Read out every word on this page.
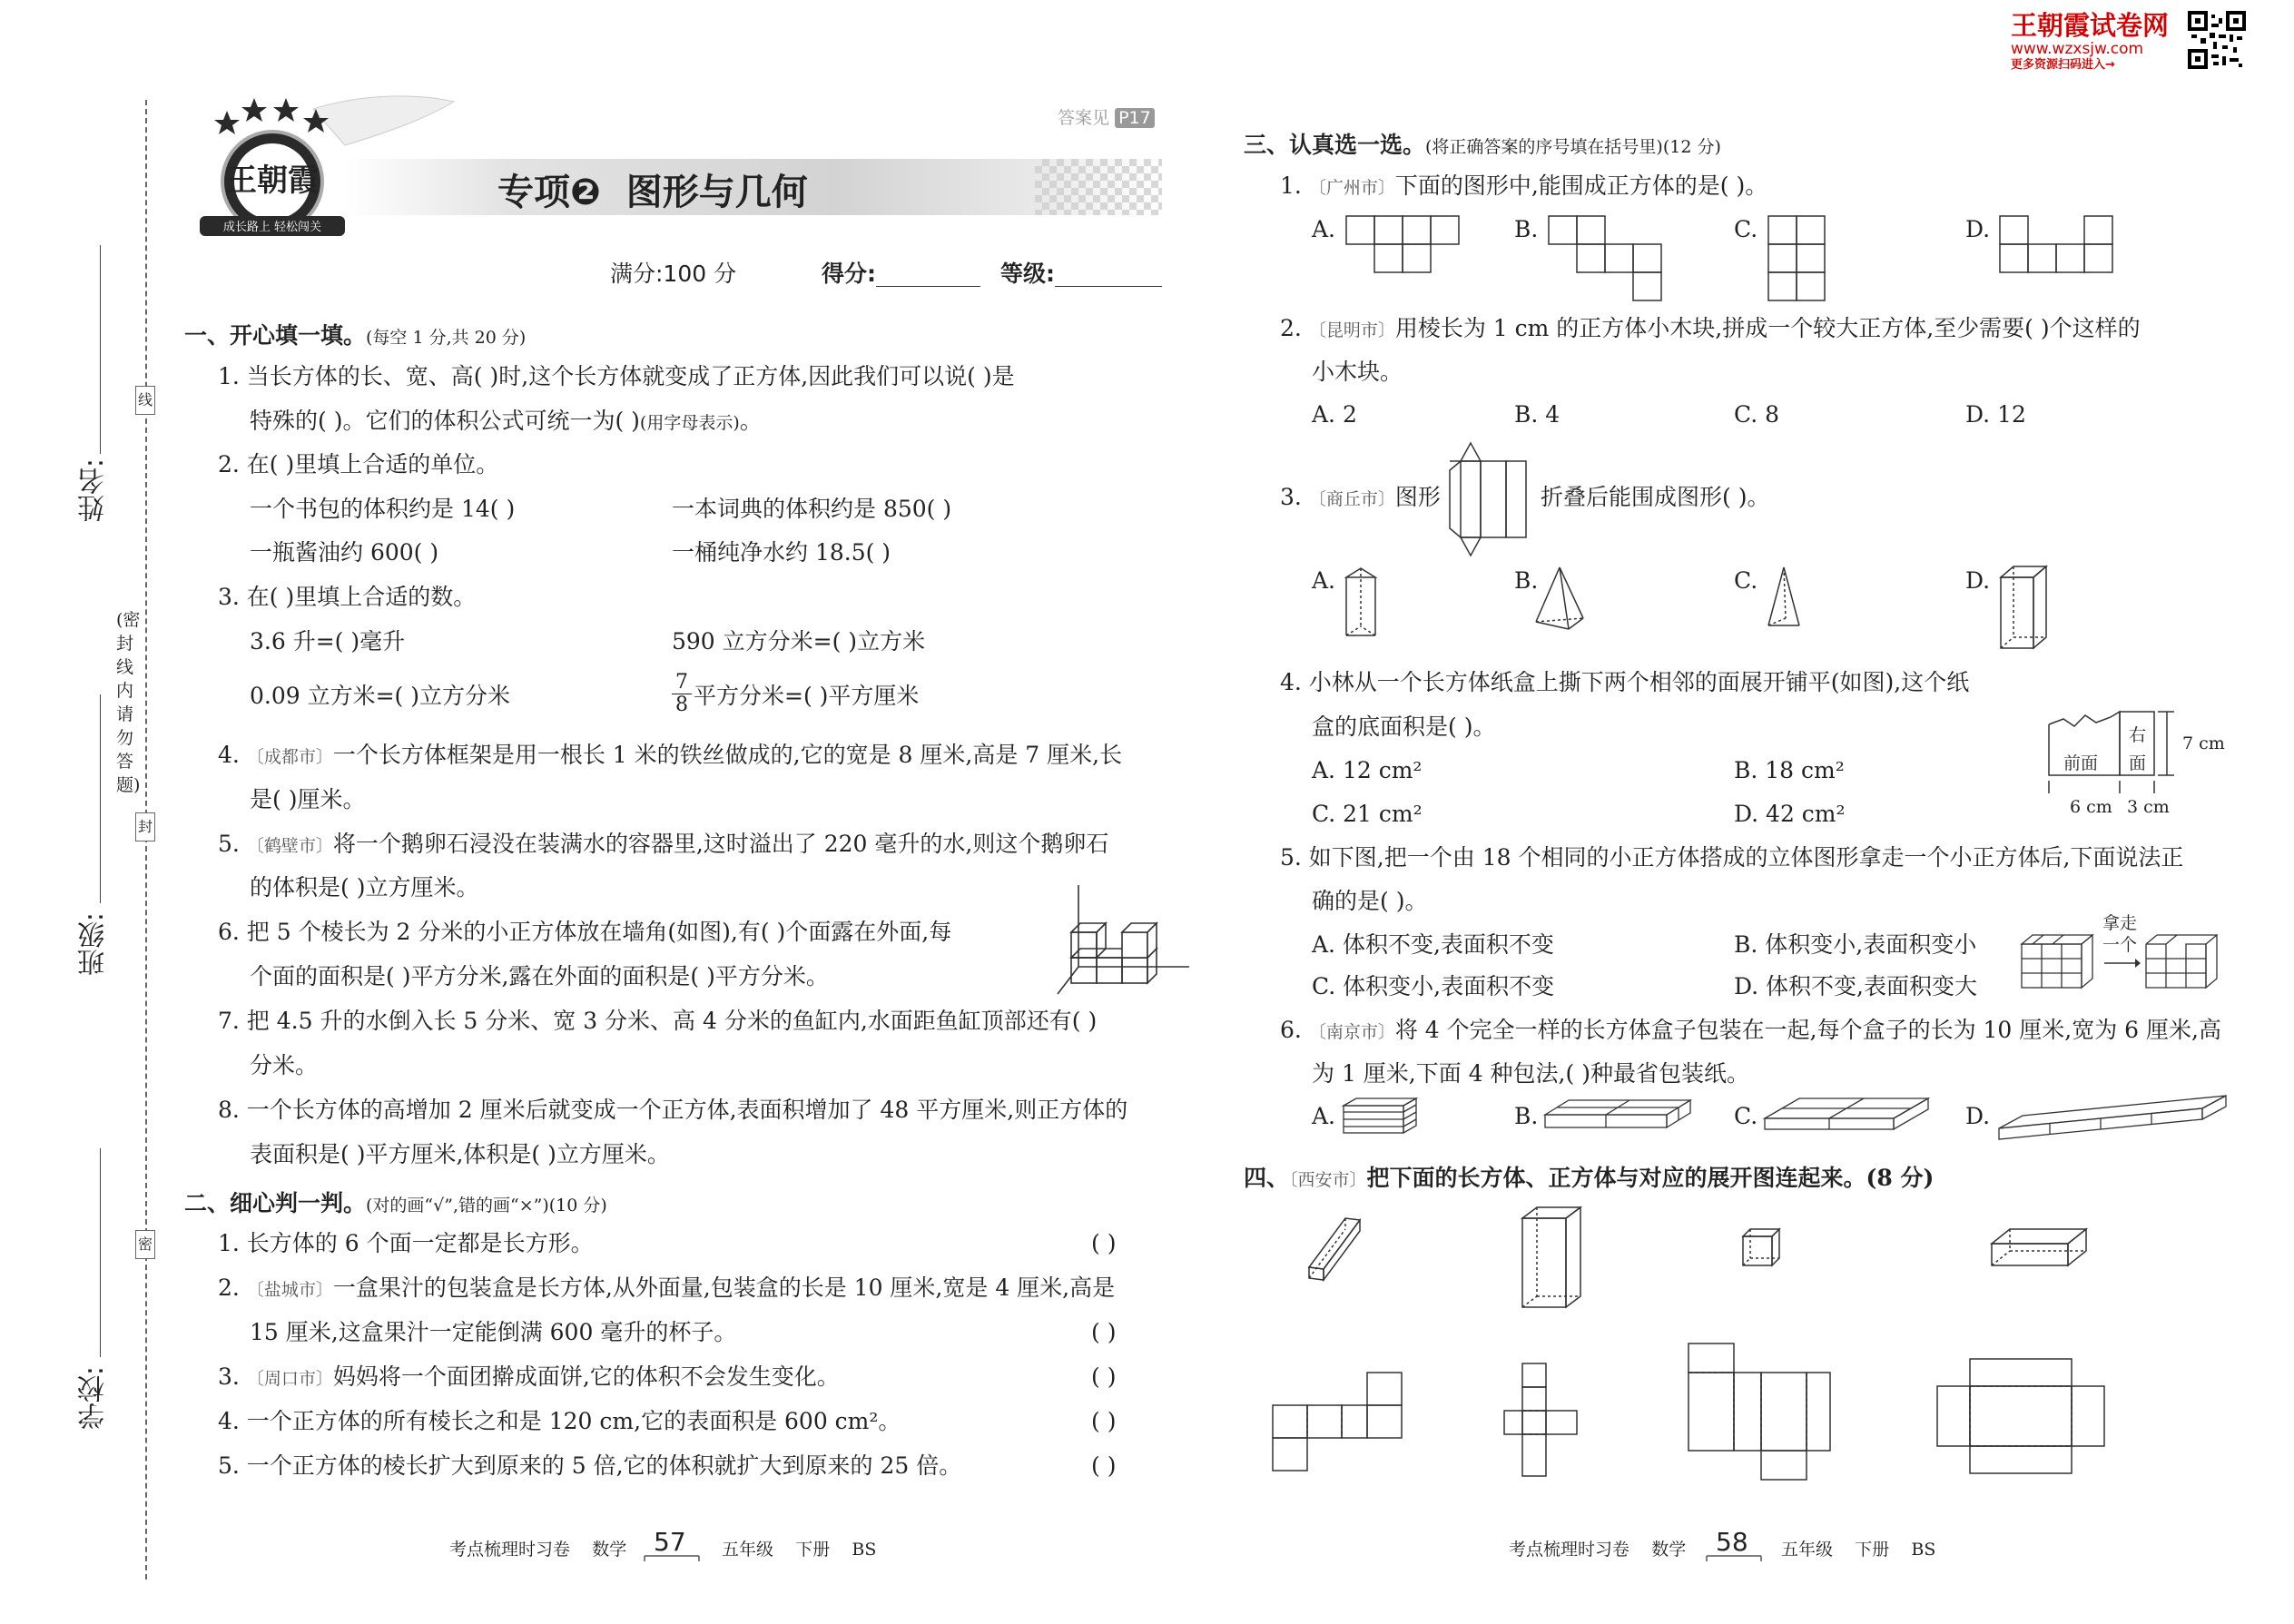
王朝霞试卷网
www.wzxsjw.com
更多资源扫码进入→
姓名:
班级:
学校:
(密封线内请勿答题)
线
封
密
王朝霞
成长路上 轻松闯关
答案见 P17
专项❷ 图形与几何
满分:100 分	得分:	等级:
一、开心填一填。(每空 1 分,共 20 分)
1. 当长方体的长、宽、高( )时,这个长方体就变成了正方体,因此我们可以说( )是
特殊的( )。它们的体积公式可统一为( )(用字母表示)。
2. 在( )里填上合适的单位。
一个书包的体积约是 14( )	一本词典的体积约是 850( )
一瓶酱油约 600( )	一桶纯净水约 18.5( )
3. 在( )里填上合适的数。
3.6 升=( )毫升	590 立方分米=( )立方米
0.09 立方米=( )立方分米	$\frac{7}{8}$ 平方分米=( )平方厘米
4. 〔成都市〕一个长方体框架是用一根长 1 米的铁丝做成的,它的宽是 8 厘米,高是 7 厘米,长
是( )厘米。
5. 〔鹤壁市〕将一个鹅卵石浸没在装满水的容器里,这时溢出了 220 毫升的水,则这个鹅卵石
的体积是( )立方厘米。
6. 把 5 个棱长为 2 分米的小正方体放在墙角(如图),有( )个面露在外面,每
个面的面积是( )平方分米,露在外面的面积是( )平方分米。
7. 把 4.5 升的水倒入长 5 分米、宽 3 分米、高 4 分米的鱼缸内,水面距鱼缸顶部还有( )
分米。
8. 一个长方体的高增加 2 厘米后就变成一个正方体,表面积增加了 48 平方厘米,则正方体的
表面积是( )平方厘米,体积是( )立方厘米。
二、细心判一判。(对的画“√”,错的画“×”)(10 分)
1. 长方体的 6 个面一定都是长方形。	( )
2. 〔盐城市〕一盒果汁的包装盒是长方体,从外面量,包装盒的长是 10 厘米,宽是 4 厘米,高是
15 厘米,这盒果汁一定能倒满 600 毫升的杯子。	( )
3. 〔周口市〕妈妈将一个面团擀成面饼,它的体积不会发生变化。	( )
4. 一个正方体的所有棱长之和是 120 cm,它的表面积是 600 cm²。	( )
5. 一个正方体的棱长扩大到原来的 5 倍,它的体积就扩大到原来的 25 倍。	( )
考点梳理时习卷 数学 57 五年级 下册 BS
三、认真选一选。(将正确答案的序号填在括号里)(12 分)
1. 〔广州市〕下面的图形中,能围成正方体的是( )。
A.	B.	C.	D.
2. 〔昆明市〕用棱长为 1 cm 的正方体小木块,拼成一个较大正方体,至少需要( )个这样的
小木块。
A. 2	B. 4	C. 8	D. 12
3. 〔商丘市〕图形	折叠后能围成图形( )。
A.	B.	C.	D.
4. 小林从一个长方体纸盒上撕下两个相邻的面展开铺平(如图),这个纸
盒的底面积是( )。
A. 12 cm²	B. 18 cm²
C. 21 cm²	D. 42 cm²
前面
右
面
7 cm
6 cm 3 cm
5. 如下图,把一个由 18 个相同的小正方体搭成的立体图形拿走一个小正方体后,下面说法正
确的是( )。
A. 体积不变,表面积不变	B. 体积变小,表面积变小
C. 体积变小,表面积不变	D. 体积不变,表面积变大
拿走
一个
6. 〔南京市〕将 4 个完全一样的长方体盒子包装在一起,每个盒子的长为 10 厘米,宽为 6 厘米,高
为 1 厘米,下面 4 种包法,( )种最省包装纸。
A.	B.	C.	D.
四、〔西安市〕把下面的长方体、正方体与对应的展开图连起来。(8 分)
考点梳理时习卷 数学 58 五年级 下册 BS
